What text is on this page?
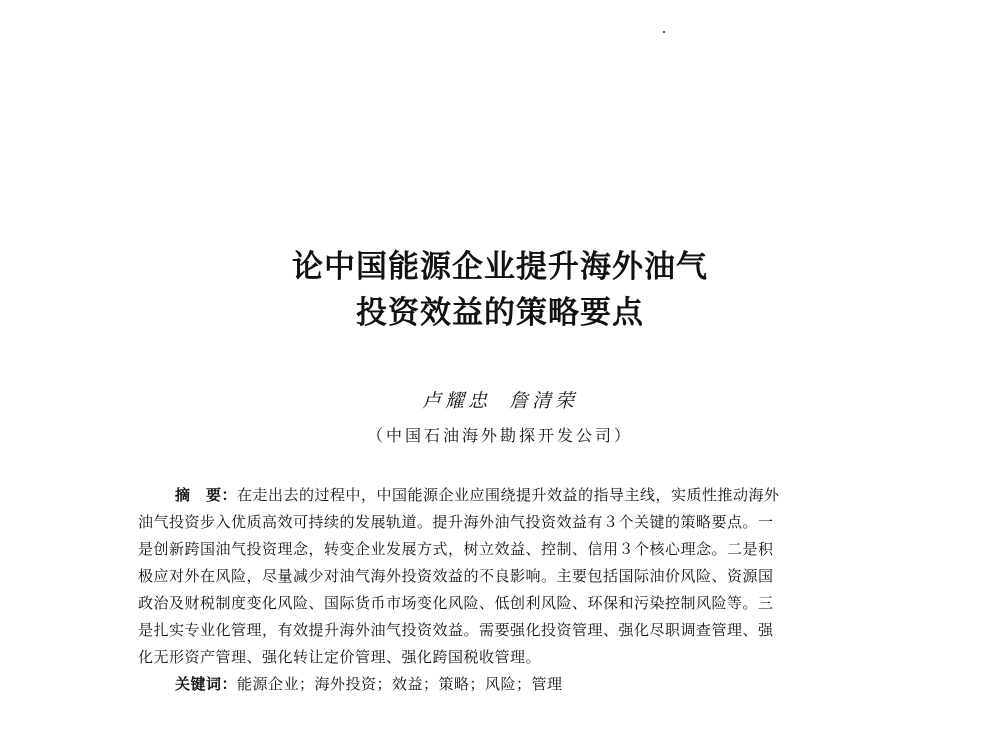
论中国能源企业提升海外油气
投资效益的策略要点
卢耀忠 詹清荣
（中国石油海外勘探开发公司）
摘　要：在走出去的过程中，中国能源企业应围绕提升效益的指导主线，实质性推动海外
油气投资步入优质高效可持续的发展轨道。提升海外油气投资效益有３个关键的策略要点。一
是创新跨国油气投资理念，转变企业发展方式，树立效益、控制、信用３个核心理念。二是积
极应对外在风险，尽量减少对油气海外投资效益的不良影响。主要包括国际油价风险、资源国
政治及财税制度变化风险、国际货币市场变化风险、低创利风险、环保和污染控制风险等。三
是扎实专业化管理，有效提升海外油气投资效益。需要强化投资管理、强化尽职调查管理、强
化无形资产管理、强化转让定价管理、强化跨国税收管理。
关键词：能源企业；海外投资；效益；策略；风险；管理
